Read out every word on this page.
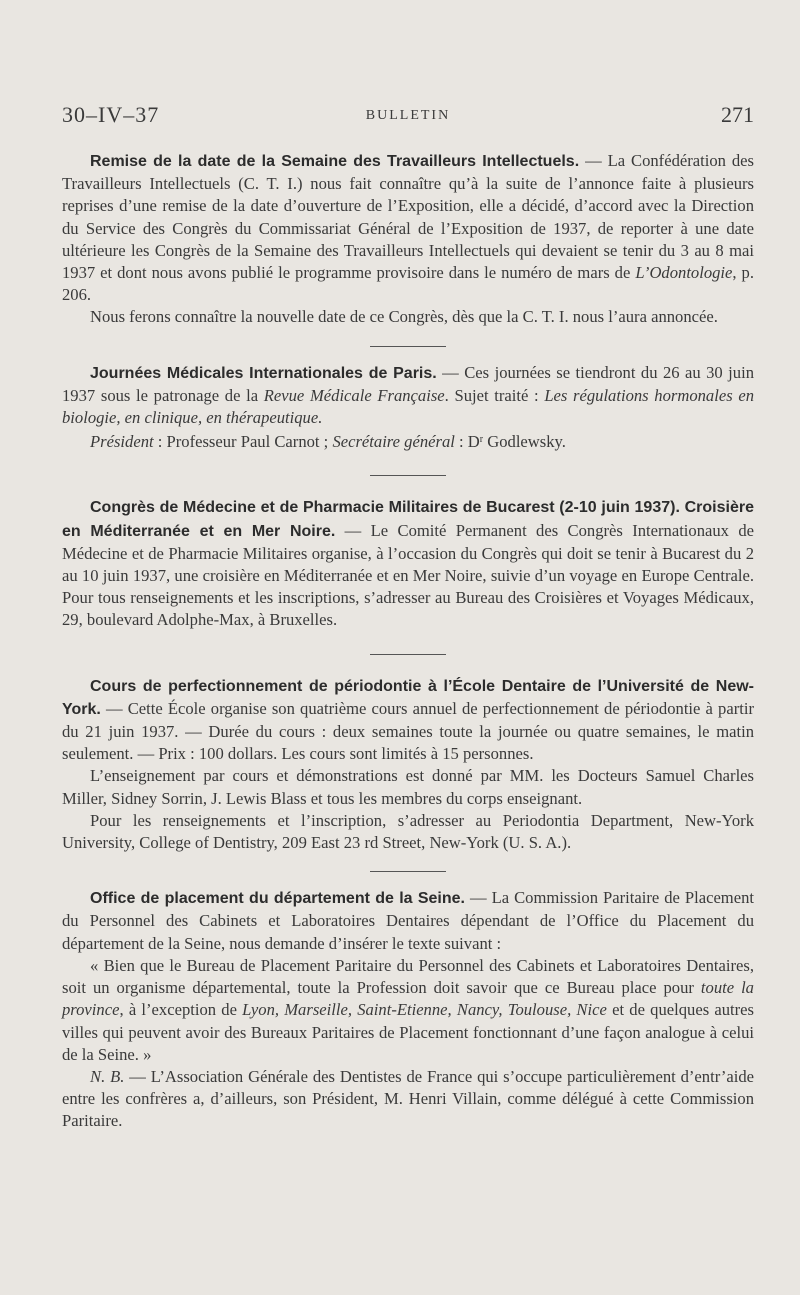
30–IV–37	BULLETIN	271

Remise de la date de la Semaine des Travailleurs Intellectuels. — La Confédération des Travailleurs Intellectuels (C. T. I.) nous fait connaître qu’à la suite de l’annonce faite à plusieurs reprises d’une remise de la date d’ouverture de l’Exposition, elle a décidé, d’accord avec la Direction du Service des Congrès du Commissariat Général de l’Exposition de 1937, de reporter à une date ultérieure les Congrès de la Semaine des Travailleurs Intellectuels qui devaient se tenir du 3 au 8 mai 1937 et dont nous avons publié le programme provisoire dans le numéro de mars de L’Odontologie, p. 206.

Nous ferons connaître la nouvelle date de ce Congrès, dès que la C. T. I. nous l’aura annoncée.

Journées Médicales Internationales de Paris. — Ces journées se tiendront du 26 au 30 juin 1937 sous le patronage de la Revue Médicale Française. Sujet traité : Les régulations hormonales en biologie, en clinique, en thérapeutique.

Président : Professeur Paul Carnot ; Secrétaire général : $D^r$ Godlewsky.

Congrès de Médecine et de Pharmacie Militaires de Bucarest (2-10 juin 1937). Croisière en Méditerranée et en Mer Noire. — Le Comité Permanent des Congrès Internationaux de Médecine et de Pharmacie Militaires organise, à l’occasion du Congrès qui doit se tenir à Bucarest du 2 au 10 juin 1937, une croisière en Méditerranée et en Mer Noire, suivie d’un voyage en Europe Centrale. Pour tous renseignements et les inscriptions, s’adresser au Bureau des Croisières et Voyages Médicaux, 29, boulevard Adolphe-Max, à Bruxelles.

Cours de perfectionnement de périodontie à l’École Dentaire de l’Université de New-York. — Cette École organise son quatrième cours annuel de perfectionnement de périodontie à partir du 21 juin 1937. — Durée du cours : deux semaines toute la journée ou quatre semaines, le matin seulement. — Prix : 100 dollars. Les cours sont limités à 15 personnes.

L’enseignement par cours et démonstrations est donné par MM. les Docteurs Samuel Charles Miller, Sidney Sorrin, J. Lewis Blass et tous les membres du corps enseignant.

Pour les renseignements et l’inscription, s’adresser au Periodontia Department, New-York University, College of Dentistry, 209 East 23 rd Street, New-York (U. S. A.).

Office de placement du département de la Seine. — La Commission Paritaire de Placement du Personnel des Cabinets et Laboratoires Dentaires dépendant de l’Office du Placement du département de la Seine, nous demande d’insérer le texte suivant :

« Bien que le Bureau de Placement Paritaire du Personnel des Cabinets et Laboratoires Dentaires, soit un organisme départemental, toute la Profession doit savoir que ce Bureau place pour toute la province, à l’exception de Lyon, Marseille, Saint-Etienne, Nancy, Toulouse, Nice et de quelques autres villes qui peuvent avoir des Bureaux Paritaires de Placement fonctionnant d’une façon analogue à celui de la Seine. »

N. B. — L’Association Générale des Dentistes de France qui s’occupe particulièrement d’entr’aide entre les confrères a, d’ailleurs, son Président, M. Henri Villain, comme délégué à cette Commission Paritaire.
